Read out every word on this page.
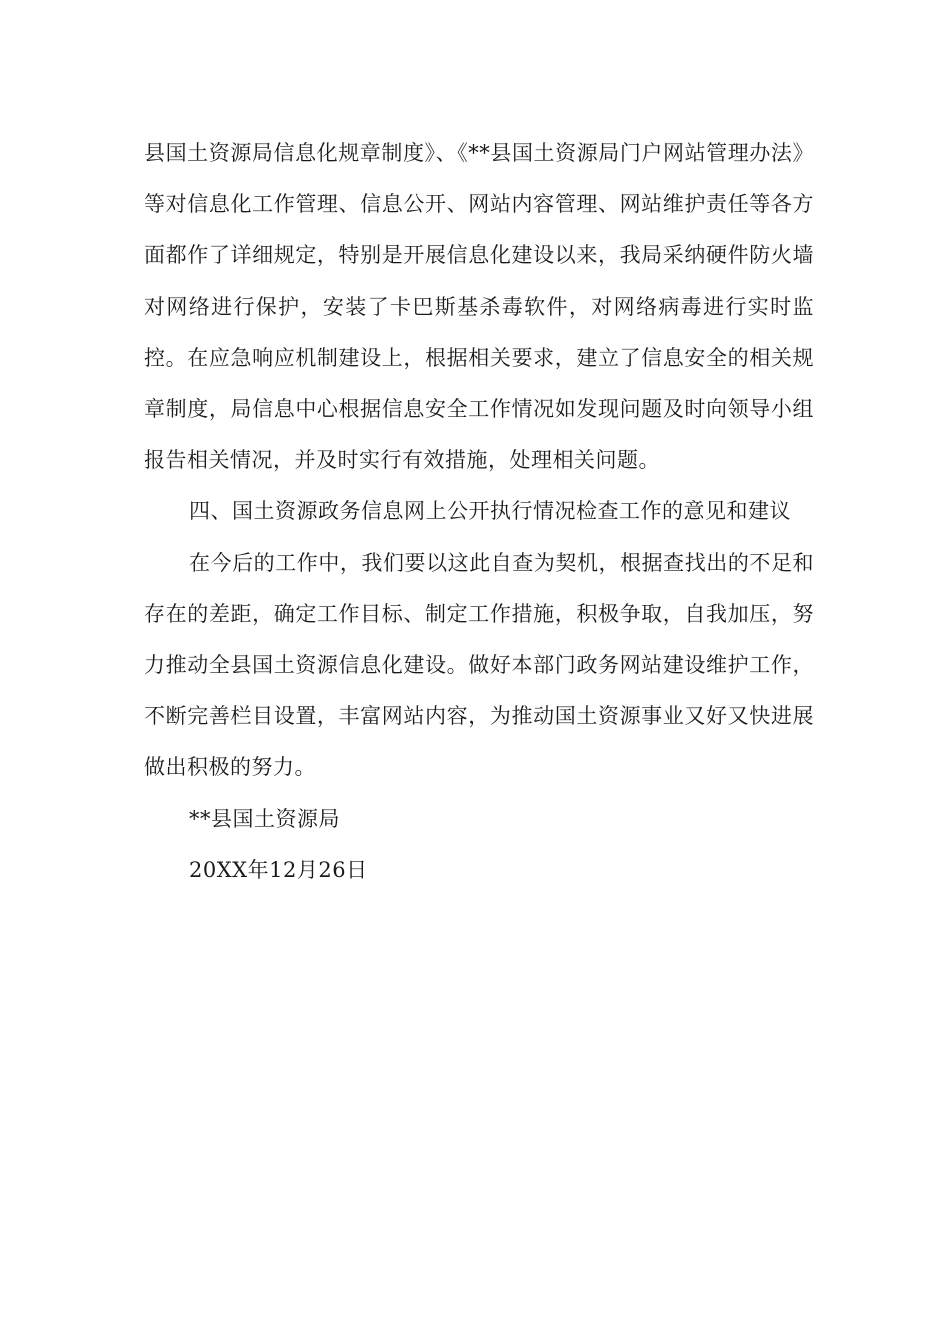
县国土资源局信息化规章制度》、《**县国土资源局门户网站管理办法》等对信息化工作管理、信息公开、网站内容管理、网站维护责任等各方面都作了详细规定，特别是开展信息化建设以来，我局采纳硬件防火墙对网络进行保护，安装了卡巴斯基杀毒软件，对网络病毒进行实时监控。在应急响应机制建设上，根据相关要求，建立了信息安全的相关规章制度，局信息中心根据信息安全工作情况如发现问题及时向领导小组报告相关情况，并及时实行有效措施，处理相关问题。

四、国土资源政务信息网上公开执行情况检查工作的意见和建议

在今后的工作中，我们要以这此自查为契机，根据查找出的不足和存在的差距，确定工作目标、制定工作措施，积极争取，自我加压，努力推动全县国土资源信息化建设。做好本部门政务网站建设维护工作，不断完善栏目设置，丰富网站内容，为推动国土资源事业又好又快进展做出积极的努力。

**县国土资源局

20XX年12月26日
